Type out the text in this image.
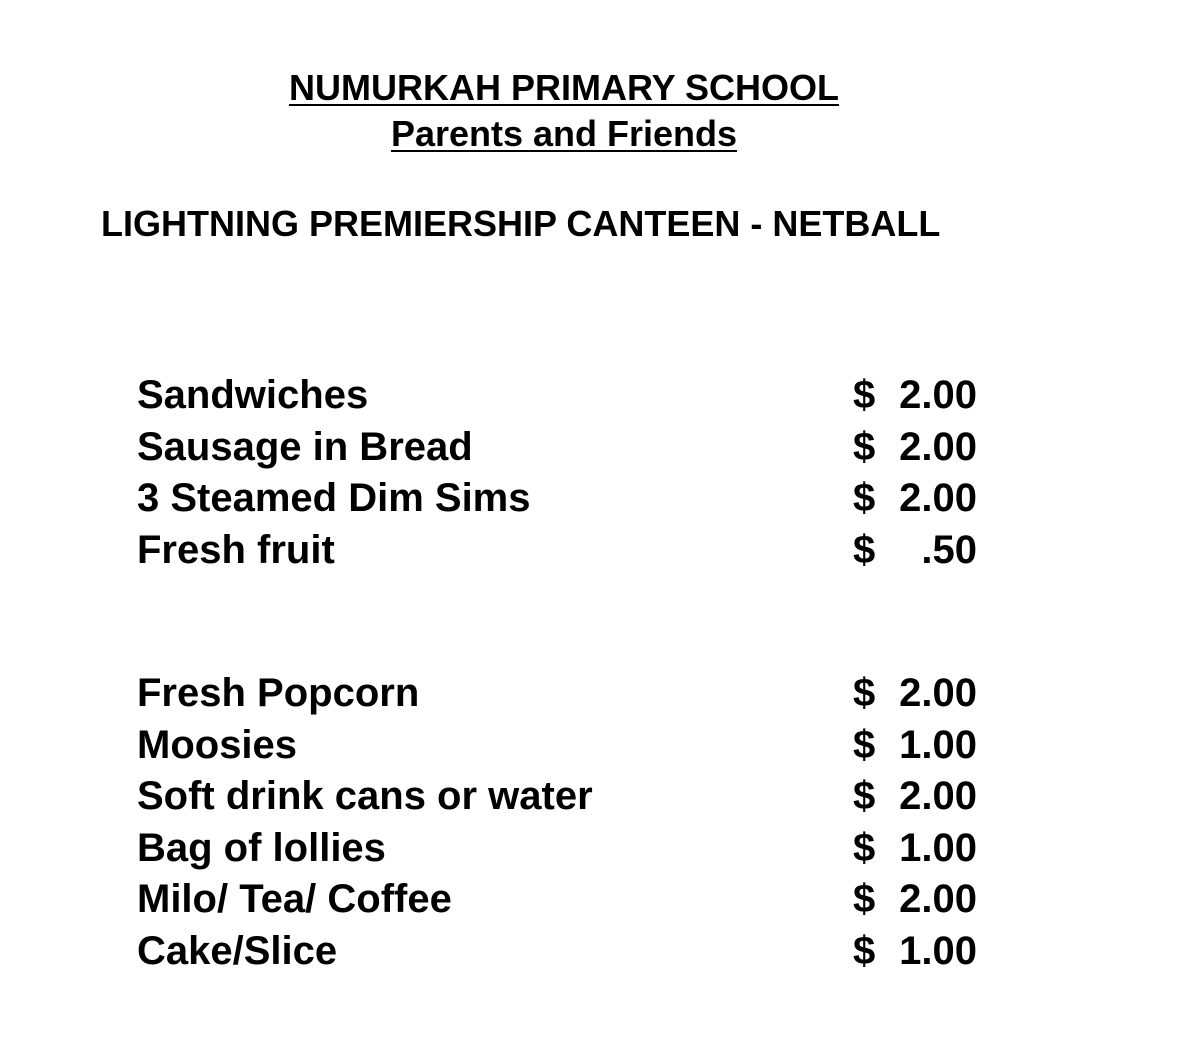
NUMURKAH PRIMARY SCHOOL
Parents and Friends
LIGHTNING PREMIERSHIP CANTEEN - NETBALL
Sandwiches	$ 2.00
Sausage in Bread	$ 2.00
3 Steamed Dim Sims	$ 2.00
Fresh fruit	$ .50
Fresh Popcorn	$ 2.00
Moosies	$ 1.00
Soft drink cans or water	$ 2.00
Bag of lollies	$ 1.00
Milo/ Tea/ Coffee	$ 2.00
Cake/Slice	$ 1.00
